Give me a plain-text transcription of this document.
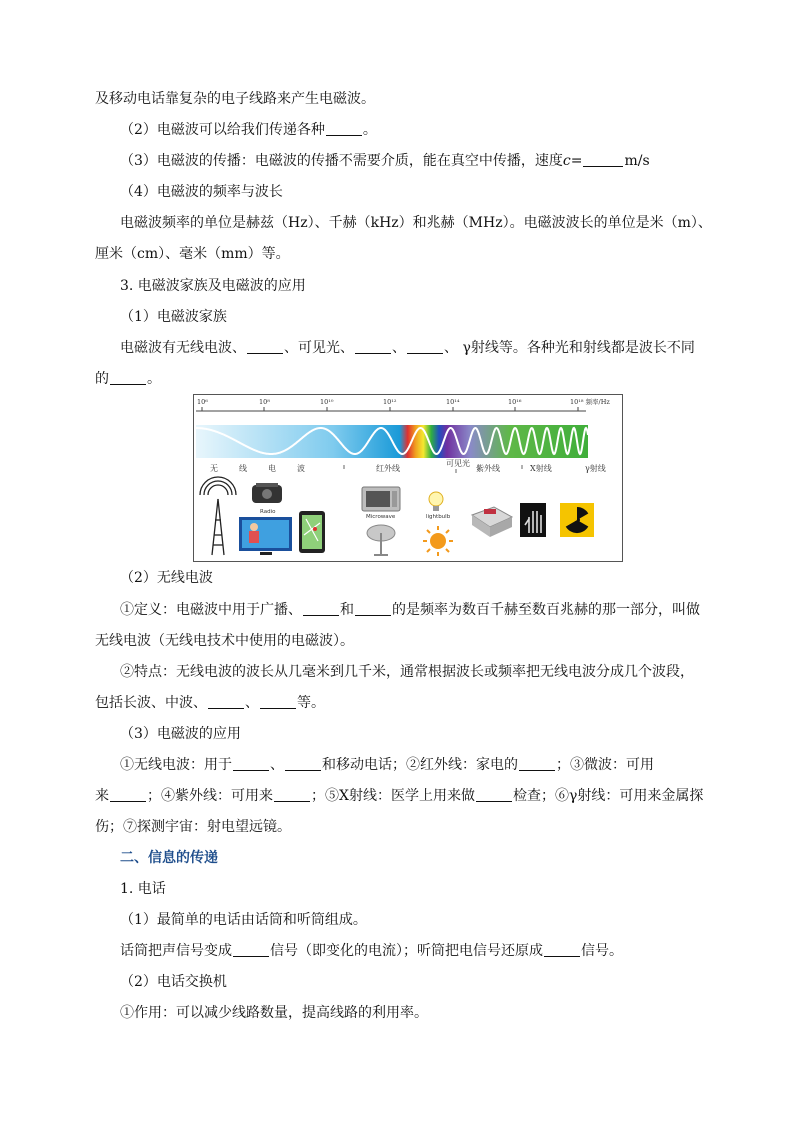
及移动电话靠复杂的电子线路来产生电磁波。
（2）电磁波可以给我们传递各种	。
（3）电磁波的传播：电磁波的传播不需要介质，能在真空中传播，速度c=	m/s
（4）电磁波的频率与波长
电磁波频率的单位是赫兹（Hz）、千赫（kHz）和兆赫（MHz）。电磁波波长的单位是米（m）、
厘米（cm）、毫米（mm）等。
3. 电磁波家族及电磁波的应用
（1）电磁波家族
电磁波有无线电波、	、可见光、	、	、 γ射线等。各种光和射线都是波长不同
的	。
10⁶	10⁸	10¹⁰	10¹²	10¹⁴	10¹⁶	10¹⁸ 频率/Hz
无	线	电	波	红外线
可见光
紫外线	X射线	γ射线
Radio
Microwave	lightbulb
（2）无线电波
①定义：电磁波中用于广播、	和	的是频率为数百千赫至数百兆赫的那一部分，叫做
无线电波（无线电技术中使用的电磁波）。
②特点：无线电波的波长从几毫米到几千米，通常根据波长或频率把无线电波分成几个波段，
包括长波、中波、	、	等。
（3）电磁波的应用
①无线电波：用于	、	和移动电话；②红外线：家电的	；③微波：可用
来	；④紫外线：可用来	；⑤X射线：医学上用来做	检查；⑥γ射线：可用来金属探
伤；⑦探测宇宙：射电望远镜。
二、信息的传递
1. 电话
（1）最简单的电话由话筒和听筒组成。
话筒把声信号变成	信号（即变化的电流）；听筒把电信号还原成	信号。
（2）电话交换机
①作用：可以减少线路数量，提高线路的利用率。
